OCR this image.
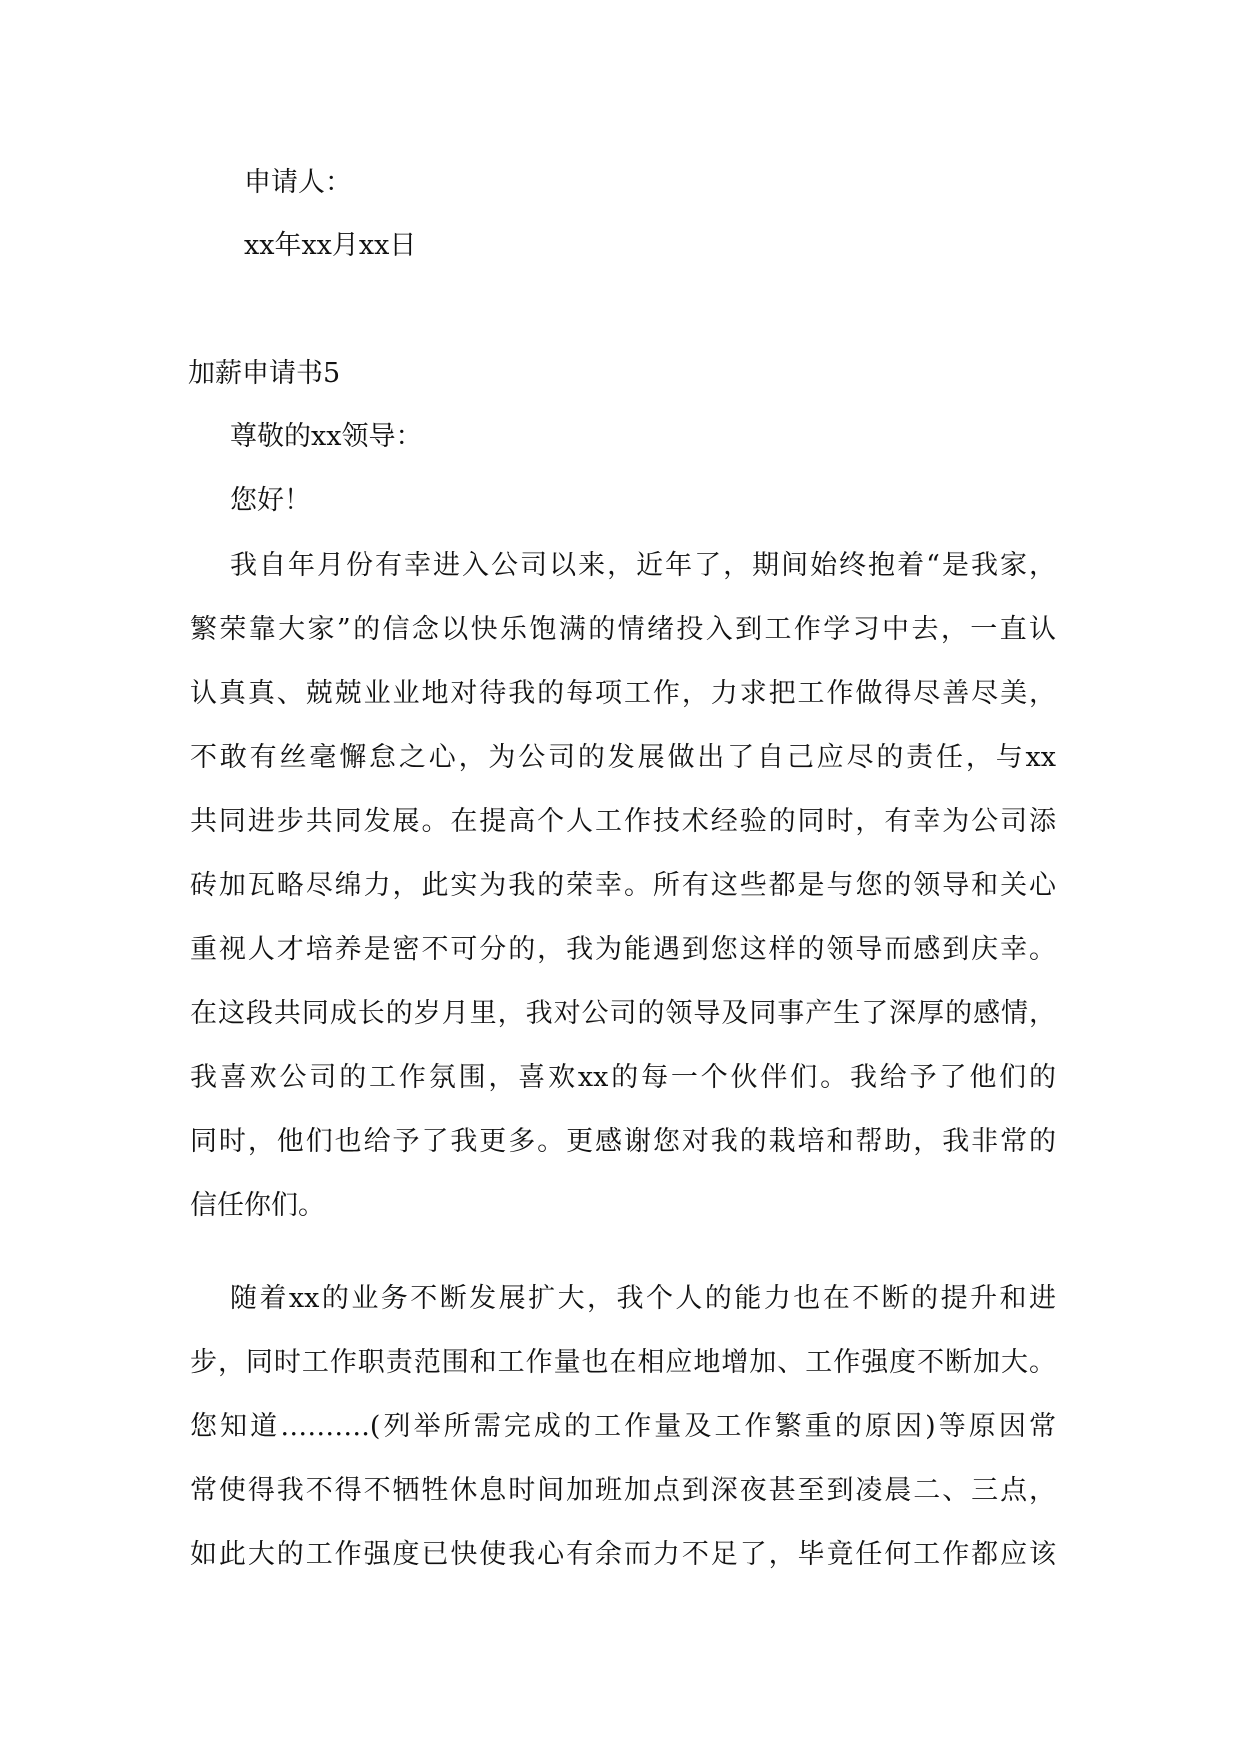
申请人：
xx年xx月xx日
加薪申请书5
尊敬的xx领导：
您好！
我自年月份有幸进入公司以来，近年了，期间始终抱着“是我家，
繁荣靠大家”的信念以快乐饱满的情绪投入到工作学习中去，一直认
认真真、兢兢业业地对待我的每项工作，力求把工作做得尽善尽美，
不敢有丝毫懈怠之心，为公司的发展做出了自己应尽的责任，与xx
共同进步共同发展。在提高个人工作技术经验的同时，有幸为公司添
砖加瓦略尽绵力，此实为我的荣幸。所有这些都是与您的领导和关心
重视人才培养是密不可分的，我为能遇到您这样的领导而感到庆幸。
在这段共同成长的岁月里，我对公司的领导及同事产生了深厚的感情，
我喜欢公司的工作氛围，喜欢xx的每一个伙伴们。我给予了他们的
同时，他们也给予了我更多。更感谢您对我的栽培和帮助，我非常的
信任你们。
随着xx的业务不断发展扩大，我个人的能力也在不断的提升和进
步，同时工作职责范围和工作量也在相应地增加、工作强度不断加大。
您知道……….(列举所需完成的工作量及工作繁重的原因)等原因常
常使得我不得不牺牲休息时间加班加点到深夜甚至到凌晨二、三点，
如此大的工作强度已快使我心有余而力不足了，毕竟任何工作都应该
